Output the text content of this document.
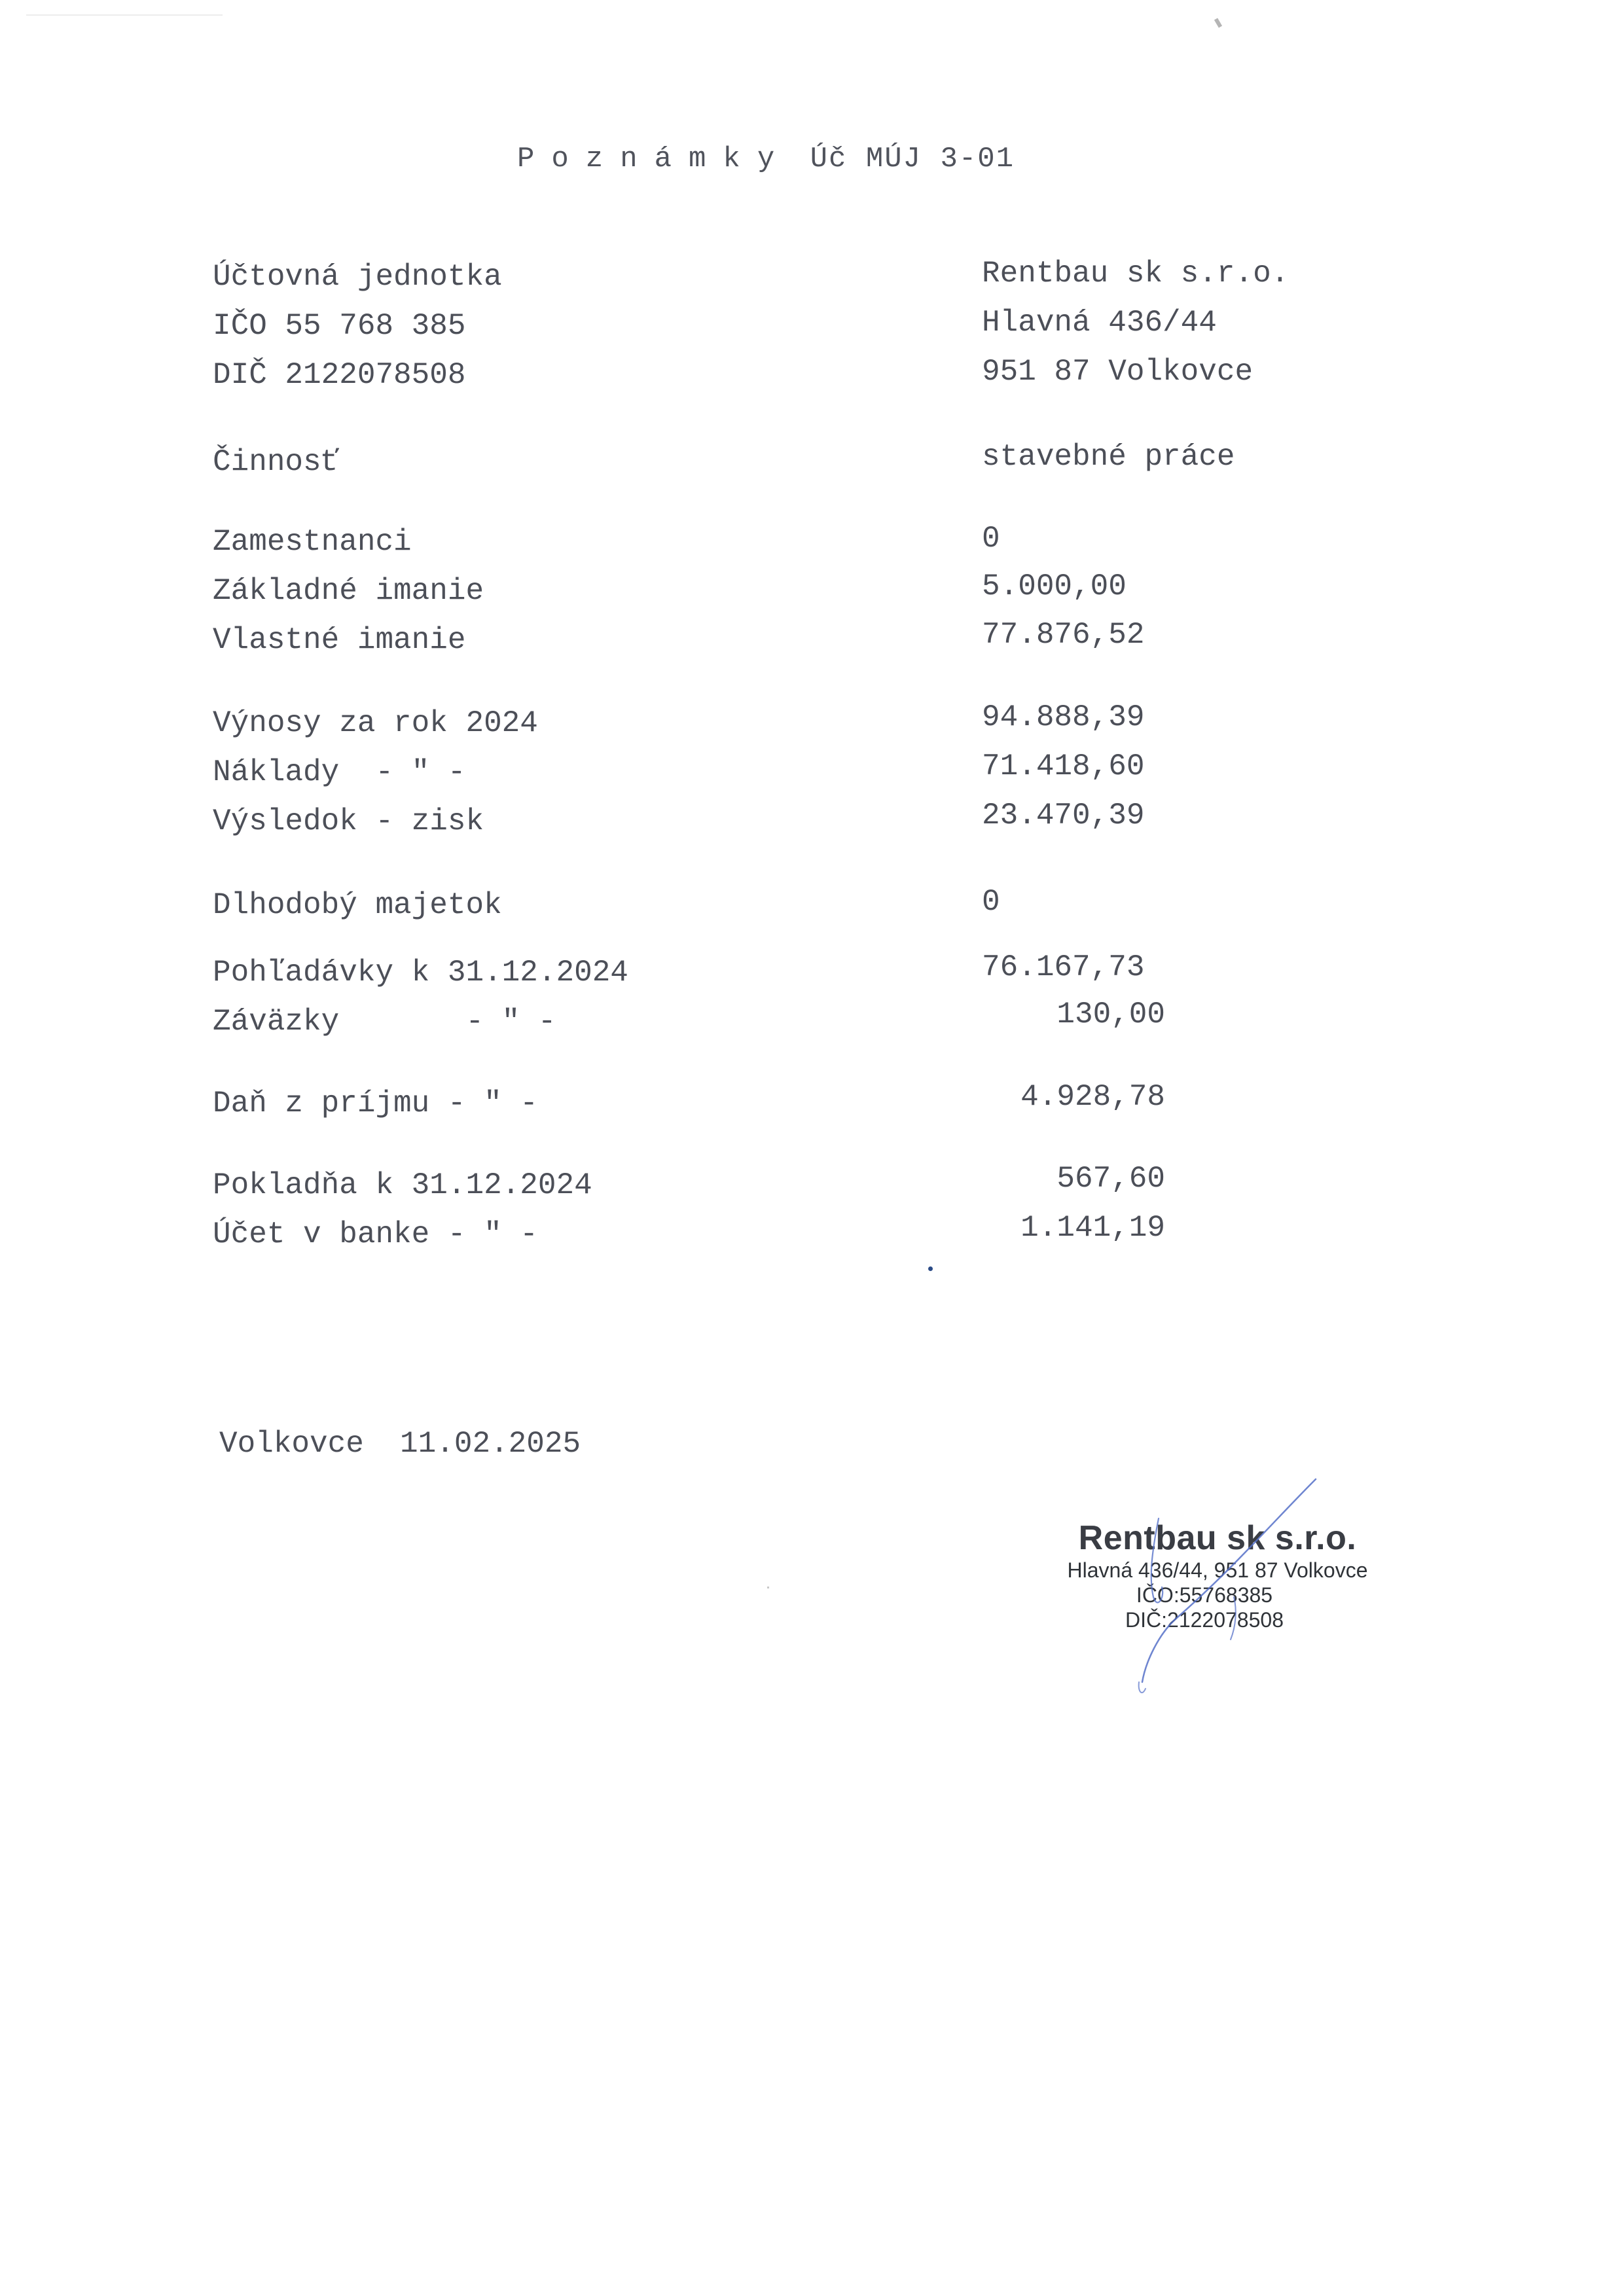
Poznámky Úč MÚJ 3-01
Účtovná jednotka
IČO 55 768 385
DIČ 2122078508
Rentbau sk s.r.o.
Hlavná 436/44
951 87 Volkovce
Činnosť	stavebné práce
Zamestnanci	0
Základné imanie	5.000,00
Vlastné imanie	77.876,52
Výnosy za rok 2024	94.888,39
Náklady  - " -	71.418,60
Výsledok - zisk	23.470,39
Dlhodobý majetok	0
Pohľadávky k 31.12.2024	76.167,73
Záväzky       - " -	130,00
Daň z príjmu - " -	4.928,78
Pokladňa k 31.12.2024	567,60
Účet v banke - " -	1.141,19
Volkovce  11.02.2025
Rentbau sk s.r.o.
Hlavná 436/44, 951 87 Volkovce
IČO:55768385
DIČ:2122078508
